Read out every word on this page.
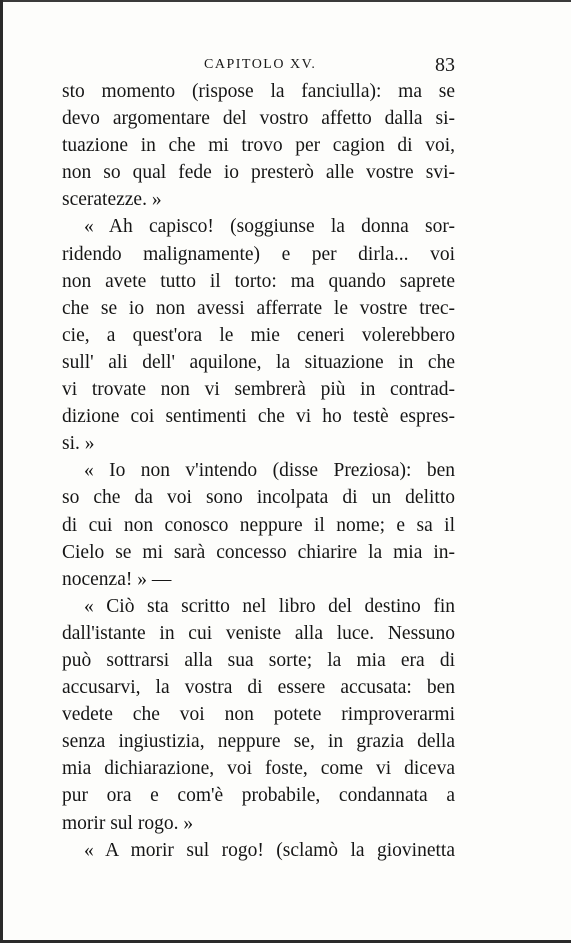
CAPITOLO XV.	83
sto momento (rispose la fanciulla): ma se
devo argomentare del vostro affetto dalla si-
tuazione in che mi trovo per cagion di voi,
non so qual fede io presterò alle vostre svi-
sceratezze. »
« Ah capisco! (soggiunse la donna sor-
ridendo malignamente) e per dirla... voi
non avete tutto il torto: ma quando saprete
che se io non avessi afferrate le vostre trec-
cie, a quest'ora le mie ceneri volerebbero
sull' ali dell' aquilone, la situazione in che
vi trovate non vi sembrerà più in contrad-
dizione coi sentimenti che vi ho testè espres-
si. »
« Io non v'intendo (disse Preziosa): ben
so che da voi sono incolpata di un delitto
di cui non conosco neppure il nome; e sa il
Cielo se mi sarà concesso chiarire la mia in-
nocenza! » —
« Ciò sta scritto nel libro del destino fin
dall'istante in cui veniste alla luce. Nessuno
può sottrarsi alla sua sorte; la mia era di
accusarvi, la vostra di essere accusata: ben
vedete che voi non potete rimproverarmi
senza ingiustizia, neppure se, in grazia della
mia dichiarazione, voi foste, come vi diceva
pur ora e com'è probabile, condannata a
morir sul rogo. »
« A morir sul rogo! (sclamò la giovinetta
